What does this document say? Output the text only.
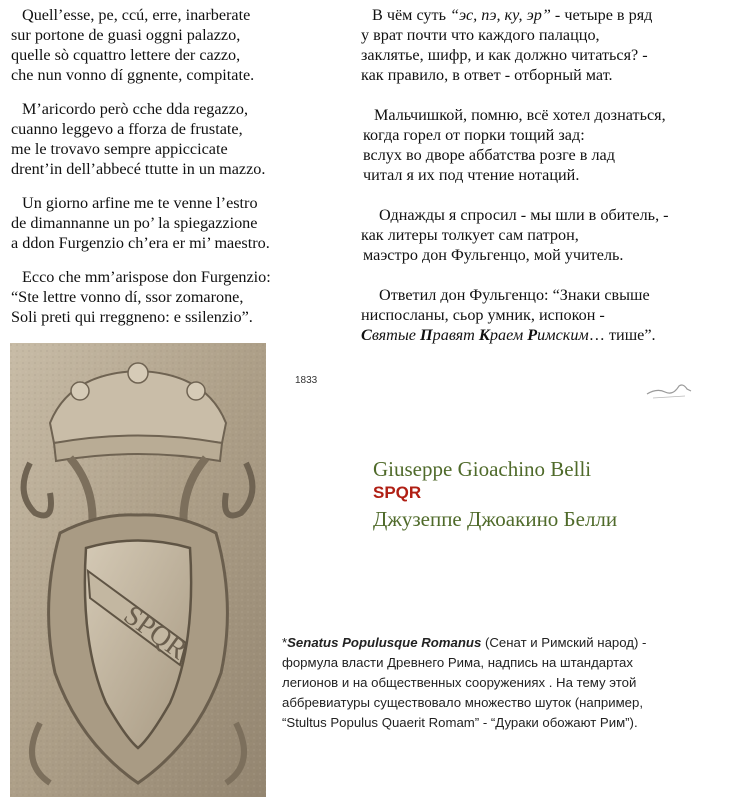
Quell’esse, pe, ccú, erre, inarberate
sur portone de guasi oggni palazzo,
quelle sò cquattro lettere der cazzo,
che nun vonno dí ggnente, compitate.
M’aricordo però cche dda regazzo,
cuanno leggevo a fforza de frustate,
me le trovavo sempre appiccicate
drent’in dell’abbecé ttutte in un mazzo.
Un giorno arfine me te venne l’estro
de dimannanne un po’ la spiegazzione
a ddon Furgenzio ch’era er mi’ maestro.
Ecco che mm’arispose don Furgenzio:
“Ste lettre vonno dí, ssor zomarone,
Soli preti qui rreggneno: e ssilenzio”.
В чём суть “эс, пэ, ку, эр” - четыре в ряд
у врат почти что каждого палаццо,
заклятье, шифр, и как должно читаться? -
как правило, в ответ - отборный мат.
Мальчишкой, помню, всё хотел дознаться,
когда горел от порки тощий зад:
вслух во дворе аббатства розге в лад
читал я их под чтение нотаций.
Однажды я спросил - мы шли в обитель, -
как литеры толкует сам патрон,
маэстро дон Фульгенцо, мой учитель.
Ответил дон Фульгенцо: “Знаки свыше
ниспосланы, сьор умник, испокон -
Святые Правят Краем Римским… тише”.
SPQR
1833
Giuseppe Gioachino Belli
SPQR
Джузеппе Джоакино Белли
*Senatus Populusque Romanus (Сенат и Римский народ) -
формула власти Древнего Рима, надпись на штандартах
легионов и на общественных сооружениях . На тему этой
аббревиатуры существовало множество шуток (например,
“Stultus Populus Quaerit Romam” - “Дураки обожают Рим”).
